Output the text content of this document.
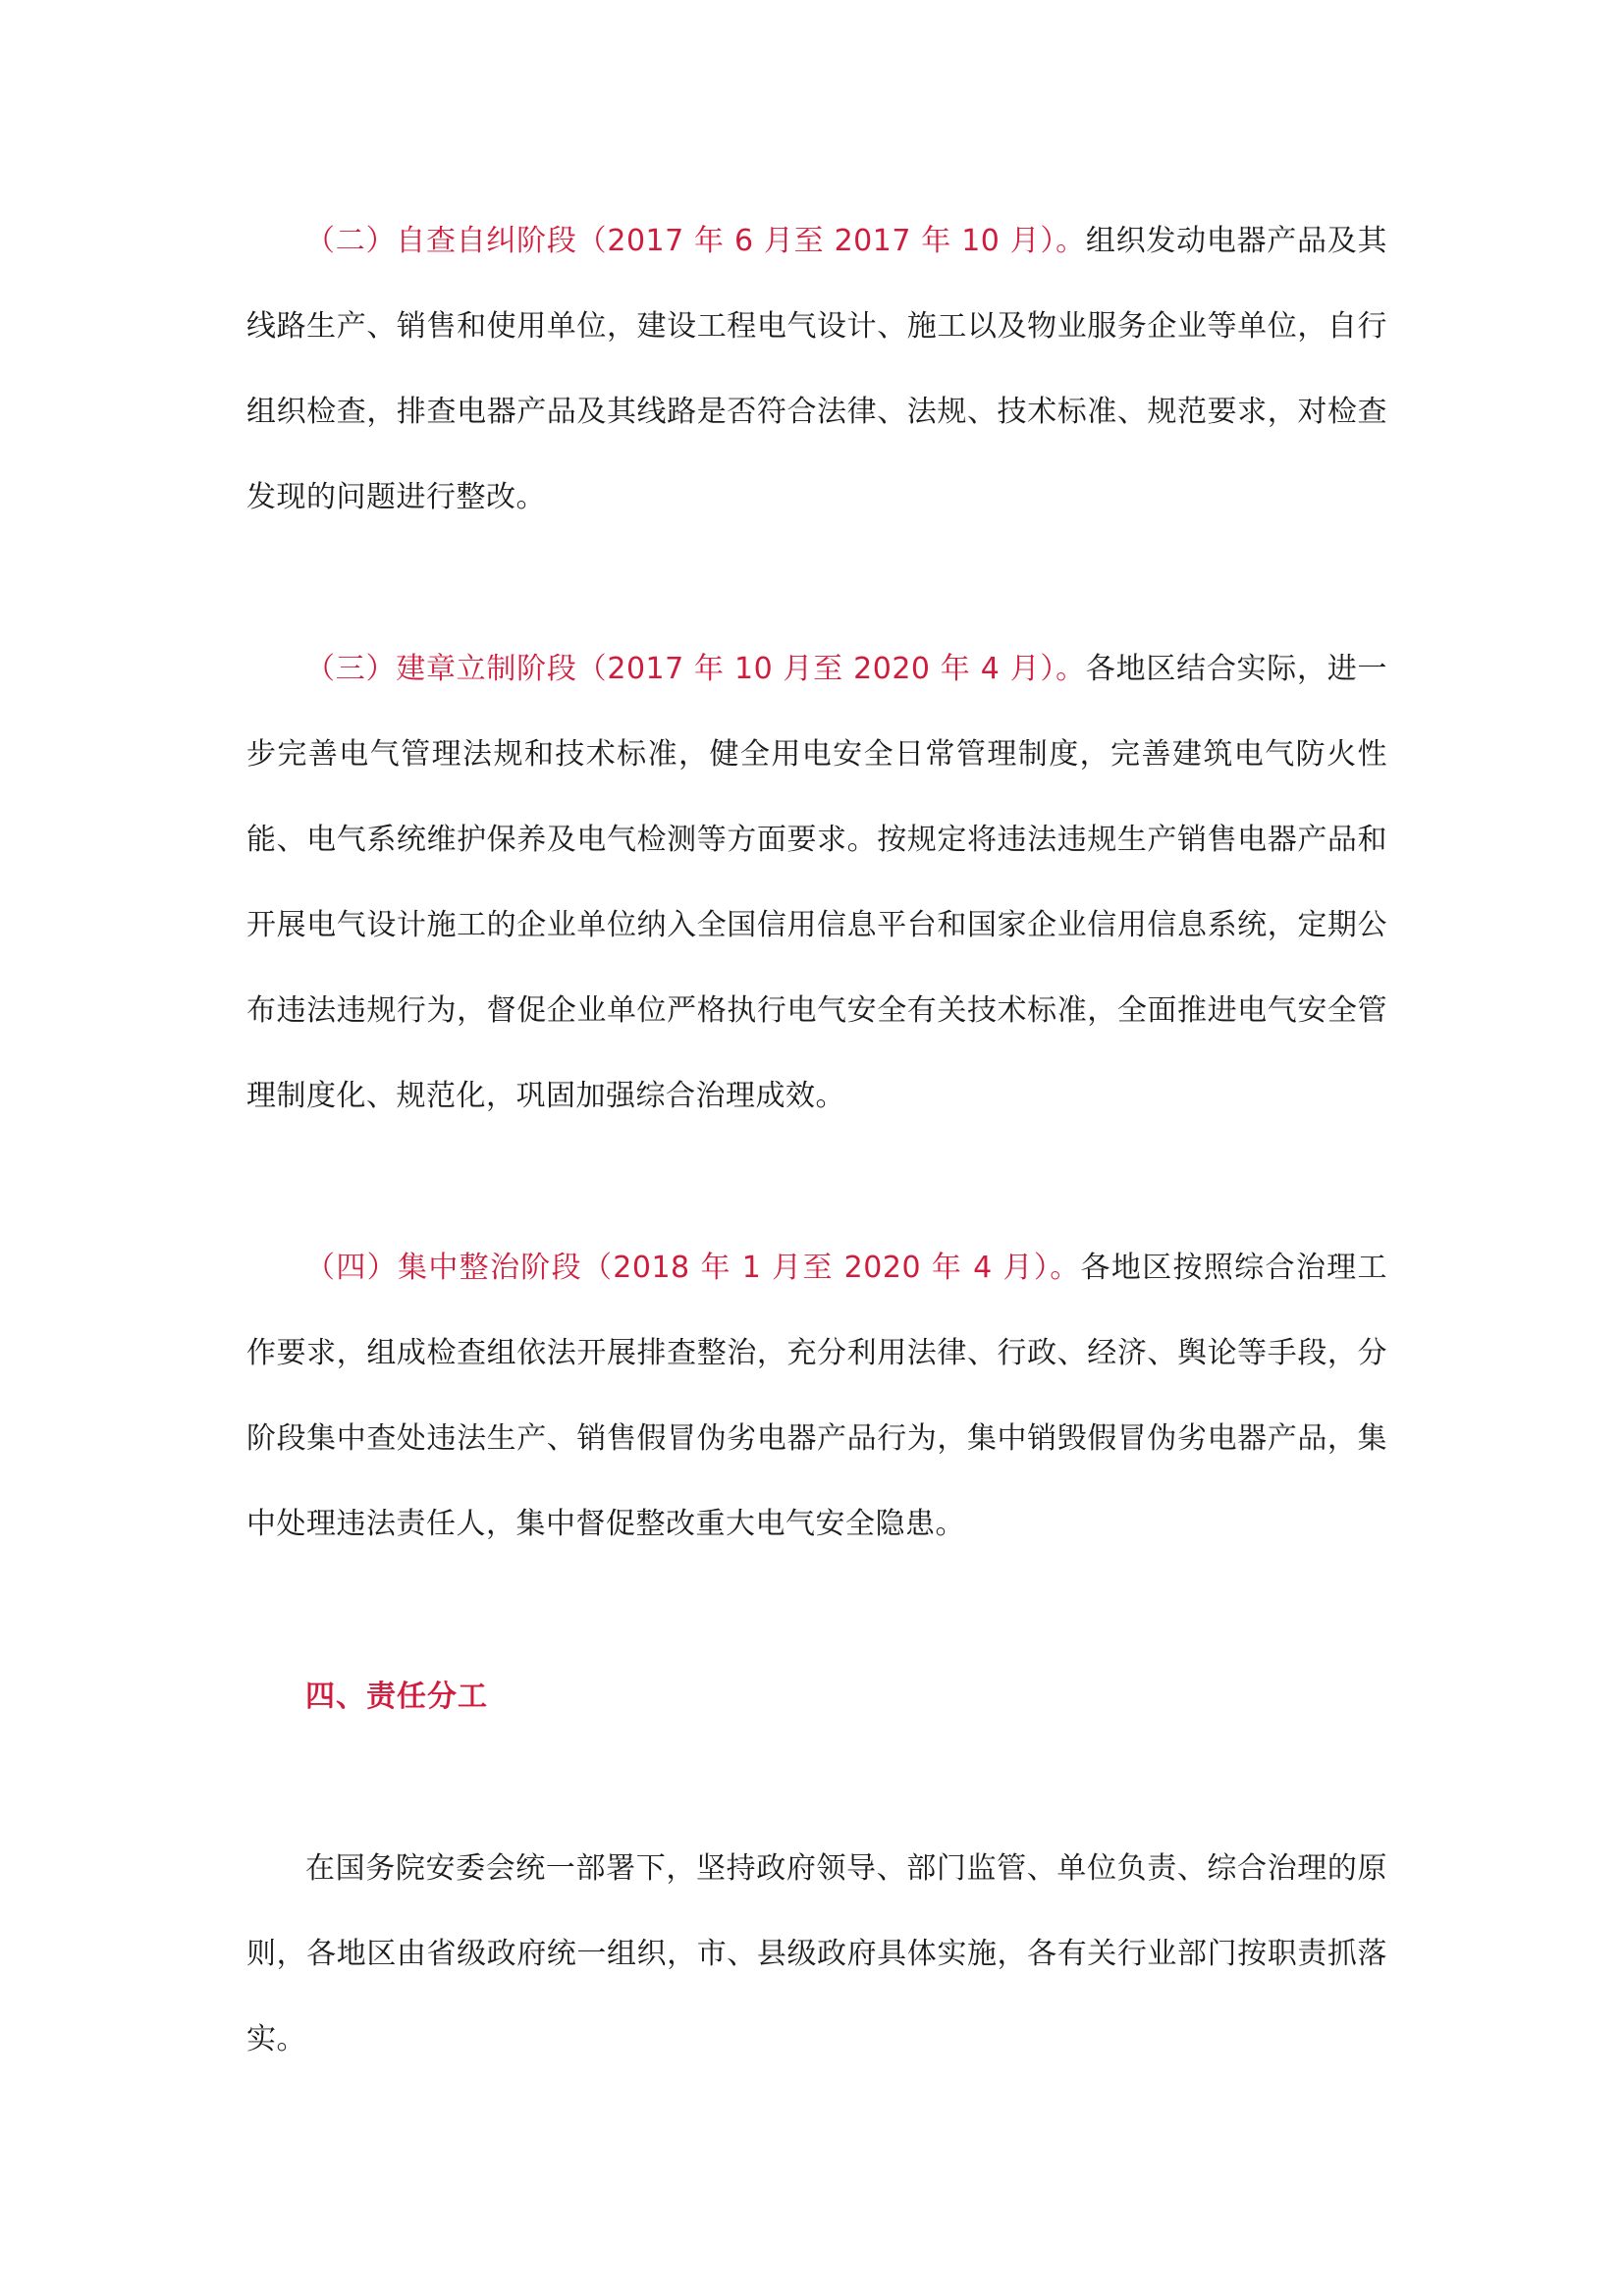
（二）自查自纠阶段（2017 年 6 月至 2017 年 10 月）。组织发动电器产品及其线路生产、销售和使用单位，建设工程电气设计、施工以及物业服务企业等单位，自行组织检查，排查电器产品及其线路是否符合法律、法规、技术标准、规范要求，对检查发现的问题进行整改。

（三）建章立制阶段（2017 年 10 月至 2020 年 4 月）。各地区结合实际，进一步完善电气管理法规和技术标准，健全用电安全日常管理制度，完善建筑电气防火性能、电气系统维护保养及电气检测等方面要求。按规定将违法违规生产销售电器产品和开展电气设计施工的企业单位纳入全国信用信息平台和国家企业信用信息系统，定期公布违法违规行为，督促企业单位严格执行电气安全有关技术标准，全面推进电气安全管理制度化、规范化，巩固加强综合治理成效。

（四）集中整治阶段（2018 年 1 月至 2020 年 4 月）。各地区按照综合治理工作要求，组成检查组依法开展排查整治，充分利用法律、行政、经济、舆论等手段，分阶段集中查处违法生产、销售假冒伪劣电器产品行为，集中销毁假冒伪劣电器产品，集中处理违法责任人，集中督促整改重大电气安全隐患。

四、责任分工

在国务院安委会统一部署下，坚持政府领导、部门监管、单位负责、综合治理的原则，各地区由省级政府统一组织，市、县级政府具体实施，各有关行业部门按职责抓落实。
